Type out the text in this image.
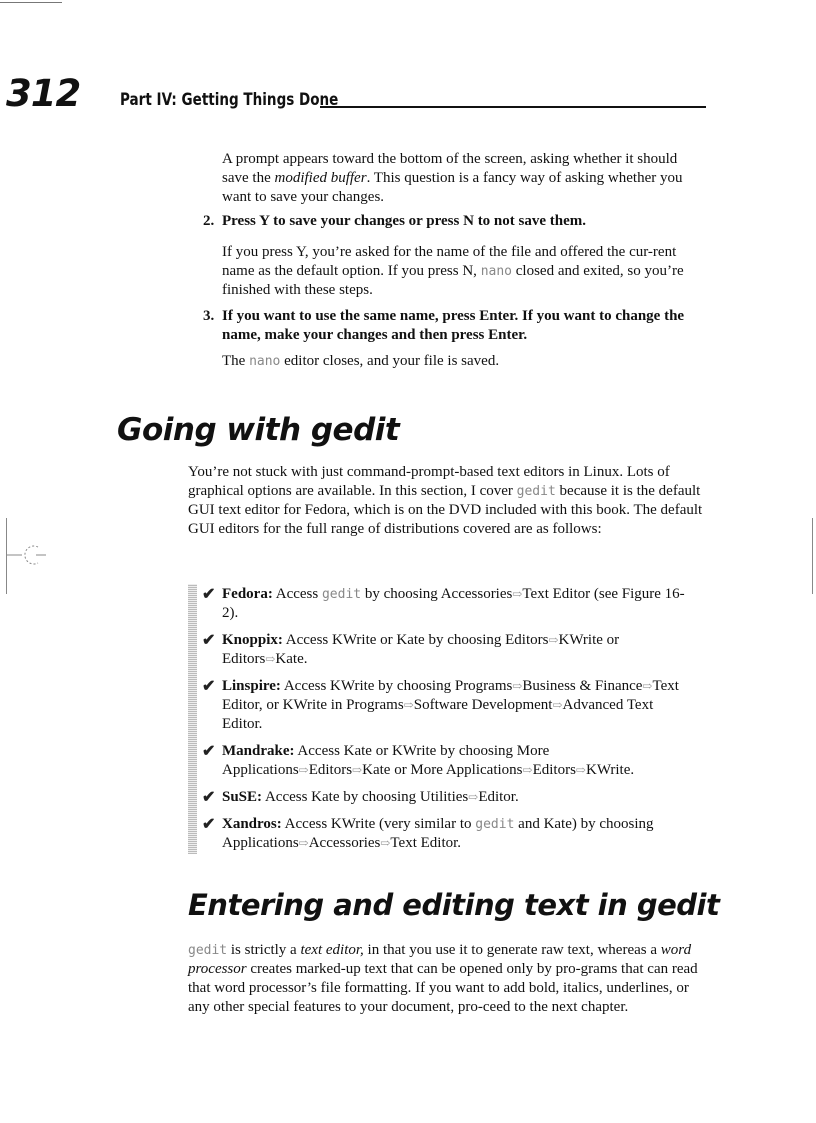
312 Part IV: Getting Things Done

A prompt appears toward the bottom of the screen, asking whether it should save the modified buffer. This question is a fancy way of asking whether you want to save your changes.

2. Press Y to save your changes or press N to not save them.

If you press Y, you’re asked for the name of the file and offered the cur-rent name as the default option. If you press N, nano closed and exited, so you’re finished with these steps.

3. If you want to use the same name, press Enter. If you want to change the name, make your changes and then press Enter.

The nano editor closes, and your file is saved.

Going with gedit

You’re not stuck with just command-prompt-based text editors in Linux. Lots of graphical options are available. In this section, I cover gedit because it is the default GUI text editor for Fedora, which is on the DVD included with this book. The default GUI editors for the full range of distributions covered are as follows:

✔ Fedora: Access gedit by choosing Accessories⇨Text Editor (see Figure 16-2).

✔ Knoppix: Access KWrite or Kate by choosing Editors⇨KWrite or Editors⇨Kate.

✔ Linspire: Access KWrite by choosing Programs⇨Business & Finance⇨Text Editor, or KWrite in Programs⇨Software Development⇨Advanced Text Editor.

✔ Mandrake: Access Kate or KWrite by choosing More Applications⇨Editors⇨Kate or More Applications⇨Editors⇨KWrite.

✔ SuSE: Access Kate by choosing Utilities⇨Editor.

✔ Xandros: Access KWrite (very similar to gedit and Kate) by choosing Applications⇨Accessories⇨Text Editor.

Entering and editing text in gedit

gedit is strictly a text editor, in that you use it to generate raw text, whereas a word processor creates marked-up text that can be opened only by pro-grams that can read that word processor’s file formatting. If you want to add bold, italics, underlines, or any other special features to your document, pro-ceed to the next chapter.
